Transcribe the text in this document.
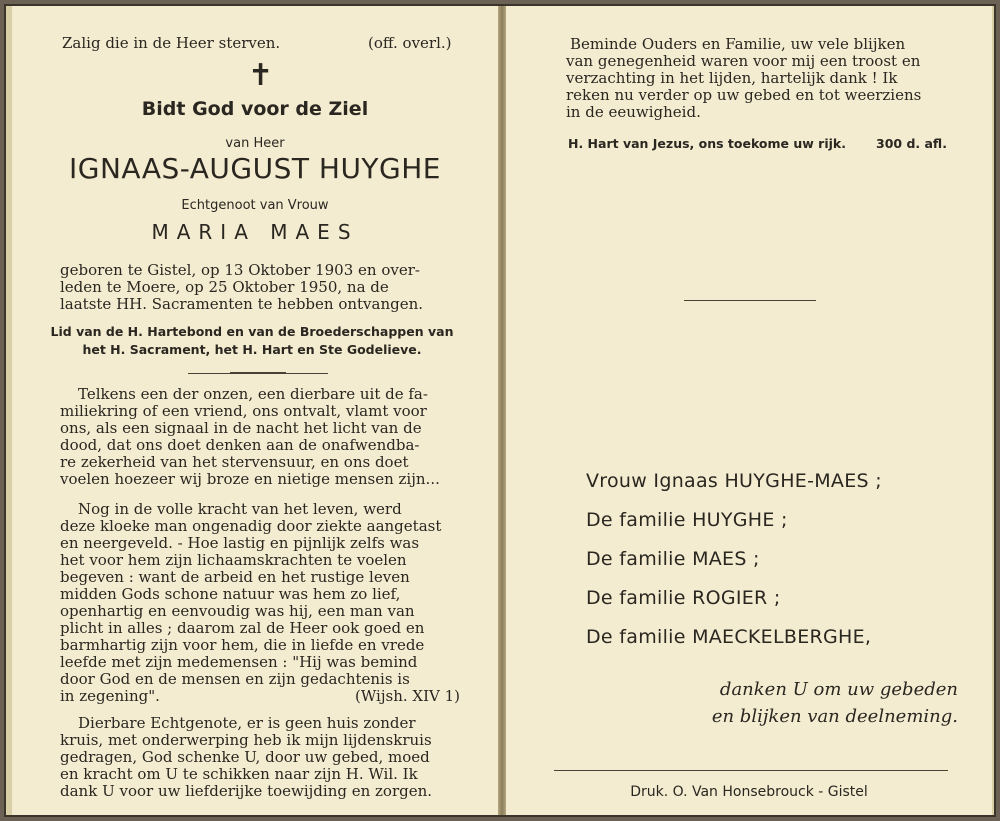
Zalig die in de Heer sterven.	(off. overl.)
✝
Bidt God voor de Ziel
van Heer
IGNAAS-AUGUST HUYGHE
Echtgenoot van Vrouw
MARIA MAES
geboren te Gistel, op 13 Oktober 1903 en over-
leden te Moere, op 25 Oktober 1950, na de
laatste HH. Sacramenten te hebben ontvangen.
Lid van de H. Hartebond en van de Broederschappen van
het H. Sacrament, het H. Hart en Ste Godelieve.
Telkens een der onzen, een dierbare uit de fa-
miliekring of een vriend, ons ontvalt, vlamt voor
ons, als een signaal in de nacht het licht van de
dood, dat ons doet denken aan de onafwendba-
re zekerheid van het stervensuur, en ons doet
voelen hoezeer wij broze en nietige mensen zijn...
Nog in de volle kracht van het leven, werd
deze kloeke man ongenadig door ziekte aangetast
en neergeveld. - Hoe lastig en pijnlijk zelfs was
het voor hem zijn lichaamskrachten te voelen
begeven : want de arbeid en het rustige leven
midden Gods schone natuur was hem zo lief,
openhartig en eenvoudig was hij, een man van
plicht in alles ; daarom zal de Heer ook goed en
barmhartig zijn voor hem, die in liefde en vrede
leefde met zijn medemensen : "Hij was bemind
door God en de mensen en zijn gedachtenis is
in zegening".	(Wijsh. XIV 1)
Dierbare Echtgenote, er is geen huis zonder
kruis, met onderwerping heb ik mijn lijdenskruis
gedragen, God schenke U, door uw gebed, moed
en kracht om U te schikken naar zijn H. Wil. Ik
dank U voor uw liefderijke toewijding en zorgen.
Beminde Ouders en Familie, uw vele blijken
van genegenheid waren voor mij een troost en
verzachting in het lijden, hartelijk dank ! Ik
reken nu verder op uw gebed en tot weerziens
in de eeuwigheid.
H. Hart van Jezus, ons toekome uw rijk. 300 d. afl.
Vrouw Ignaas HUYGHE-MAES ;
De familie HUYGHE ;
De familie MAES ;
De familie ROGIER ;
De familie MAECKELBERGHE,
danken U om uw gebeden
en blijken van deelneming.
Druk. O. Van Honsebrouck - Gistel
